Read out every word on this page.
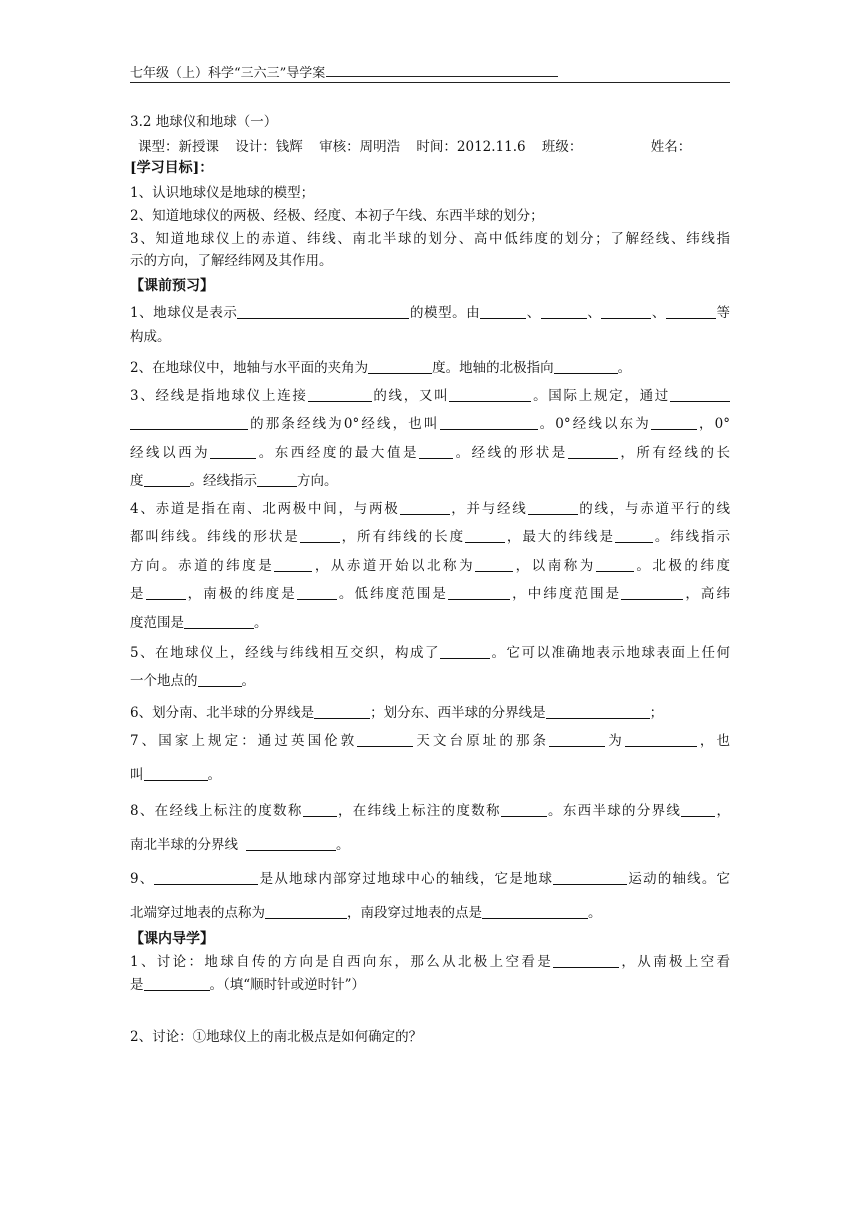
七年级（上）科学“三六三”导学案
3.2 地球仪和地球（一）
课型：新授课 设计：钱辉 审核：周明浩 时间：2012.11.6 班级：	姓名：
[学习目标]：
1、认识地球仪是地球的模型；
2、知道地球仪的两极、经极、经度、本初子午线、东西半球的划分；
3、知道地球仪上的赤道、纬线、南北半球的划分、高中低纬度的划分；了解经线、纬线指
示的方向，了解经纬网及其作用。
【课前预习】
1、地球仪是表示	的模型。由	、	、	、	等
构成。
2、在地球仪中，地轴与水平面的夹角为	度。地轴的北极指向	。
3、经线是指地球仪上连接	的线，又叫	。国际上规定，通过
的那条经线为0°经线，也叫	。0°经线以东为	，0°
经线以西为	。东西经度的最大值是	。经线的形状是	，所有经线的长
度	。经线指示	方向。
4、赤道是指在南、北两极中间，与两极	，并与经线	的线，与赤道平行的线
都叫纬线。纬线的形状是	，所有纬线的长度	，最大的纬线是	。纬线指示
方向。赤道的纬度是	，从赤道开始以北称为	，以南称为	。北极的纬度
是	，南极的纬度是	。低纬度范围是	，中纬度范围是	，高纬
度范围是	。
5、在地球仪上，经线与纬线相互交织，构成了	。它可以准确地表示地球表面上任何
一个地点的	。
6、划分南、北半球的分界线是	；划分东、西半球的分界线是	；
7、国家上规定：通过英国伦敦	天文台原址的那条	为	，也
叫	。
8、在经线上标注的度数称	，在纬线上标注的度数称	。东西半球的分界线	，
南北半球的分界线	。
9、	是从地球内部穿过地球中心的轴线，它是地球	运动的轴线。它
北端穿过地表的点称为	，南段穿过地表的点是	。
【课内导学】
1、讨论：地球自传的方向是自西向东，那么从北极上空看是	，从南极上空看
是	。（填“顺时针或逆时针”）
2、讨论：①地球仪上的南北极点是如何确定的？
